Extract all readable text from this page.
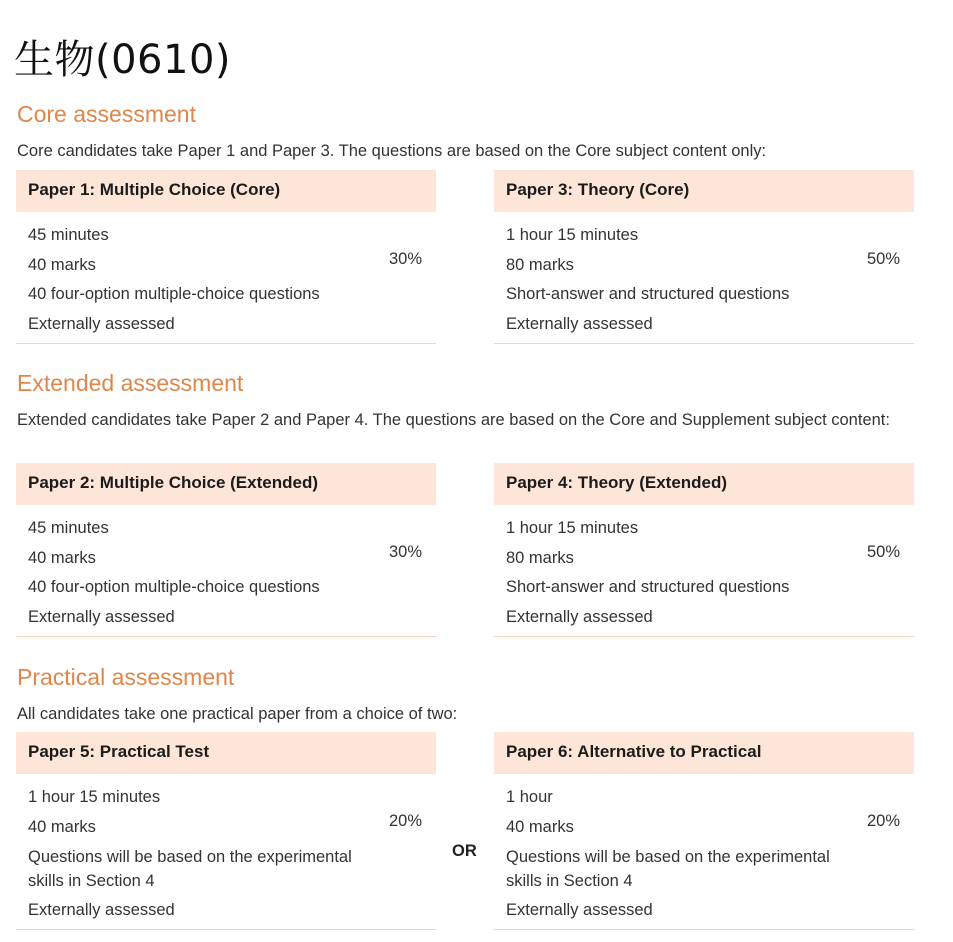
生物(0610)
Core assessment

Core candidates take Paper 1 and Paper 3. The questions are based on the Core subject content only:

Paper 1: Multiple Choice (Core)
45 minutes
40 marks	30%
40 four-option multiple-choice questions
Externally assessed
Paper 3: Theory (Core)
1 hour 15 minutes
80 marks	50%
Short-answer and structured questions
Externally assessed
Extended assessment

Extended candidates take Paper 2 and Paper 4. The questions are based on the Core and Supplement subject content:

Paper 2: Multiple Choice (Extended)
45 minutes
40 marks	30%
40 four-option multiple-choice questions
Externally assessed
Paper 4: Theory (Extended)
1 hour 15 minutes
80 marks	50%
Short-answer and structured questions
Externally assessed
Practical assessment

All candidates take one practical paper from a choice of two:

Paper 5: Practical Test
1 hour 15 minutes
40 marks	20%
Questions will be based on the experimental
skills in Section 4
Externally assessed
OR
Paper 6: Alternative to Practical
1 hour
40 marks	20%
Questions will be based on the experimental
skills in Section 4
Externally assessed
